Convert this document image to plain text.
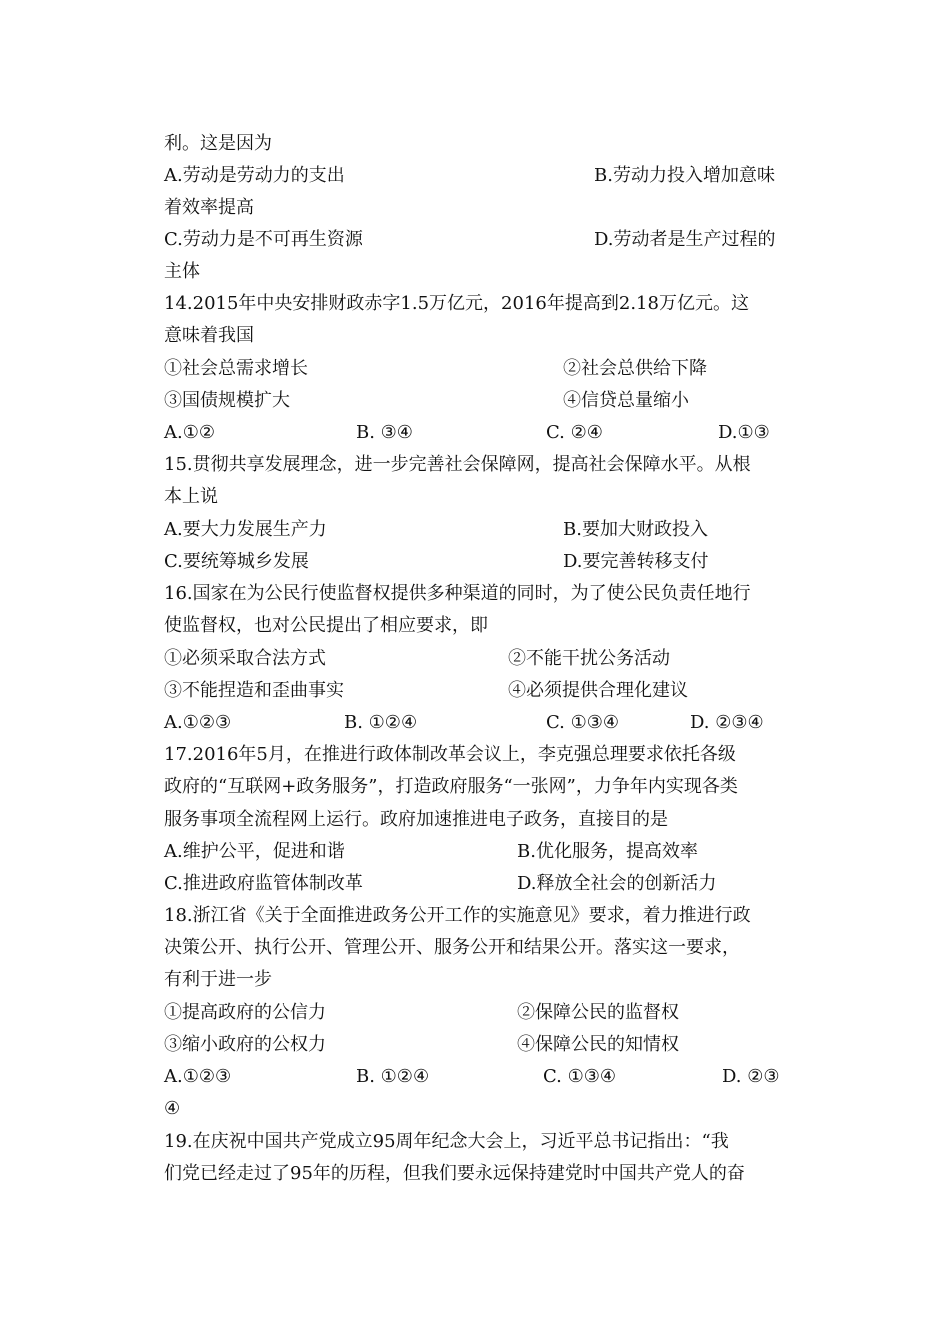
利。这是因为
A.劳动是劳动力的支出	B.劳动力投入增加意味
着效率提高
C.劳动力是不可再生资源	D.劳动者是生产过程的
主体
14.2015年中央安排财政赤字1.5万亿元，2016年提高到2.18万亿元。这
意味着我国
①社会总需求增长	②社会总供给下降
③国债规模扩大	④信贷总量缩小
A.①②	B. ③④	C. ②④	D.①③
15.贯彻共享发展理念，进一步完善社会保障网，提高社会保障水平。从根
本上说
A.要大力发展生产力	B.要加大财政投入
C.要统筹城乡发展	D.要完善转移支付
16.国家在为公民行使监督权提供多种渠道的同时，为了使公民负责任地行
使监督权，也对公民提出了相应要求，即
①必须采取合法方式	②不能干扰公务活动
③不能捏造和歪曲事实	④必须提供合理化建议
A.①②③	B. ①②④	C. ①③④	D. ②③④
17.2016年5月，在推进行政体制改革会议上，李克强总理要求依托各级
政府的“互联网+政务服务”，打造政府服务“一张网”，力争年内实现各类
服务事项全流程网上运行。政府加速推进电子政务，直接目的是
A.维护公平，促进和谐	B.优化服务，提高效率
C.推进政府监管体制改革	D.释放全社会的创新活力
18.浙江省《关于全面推进政务公开工作的实施意见》要求，着力推进行政
决策公开、执行公开、管理公开、服务公开和结果公开。落实这一要求，
有利于进一步
①提高政府的公信力	②保障公民的监督权
③缩小政府的公权力	④保障公民的知情权
A.①②③	B. ①②④	C. ①③④	D. ②③
④
19.在庆祝中国共产党成立95周年纪念大会上，习近平总书记指出：“我
们党已经走过了95年的历程，但我们要永远保持建党时中国共产党人的奋
